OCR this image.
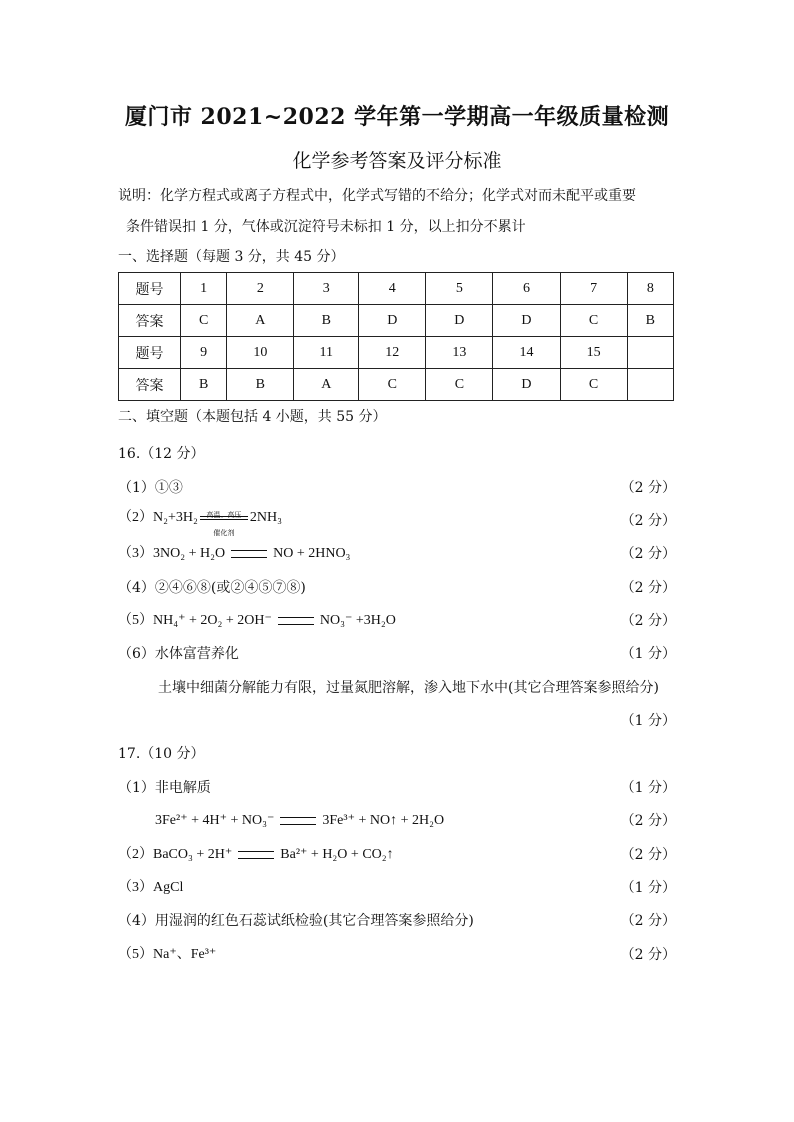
厦门市 2021~2022 学年第一学期高一年级质量检测
化学参考答案及评分标准
说明：化学方程式或离子方程式中，化学式写错的不给分；化学式对而未配平或重要
条件错误扣 1 分，气体或沉淀符号未标扣 1 分，以上扣分不累计
一、选择题（每题 3 分，共 45 分）
题号	1	2	3	4	5	6	7	8
答案	C	A	B	D	D	D	C	B
题号	9	10	11	12	13	14	15	
答案	B	B	A	C	C	D	C	
二、填空题（本题包括 4 小题，共 55 分）
16.（12 分）
（1）①③	（2 分）
（2）N₂+3H₂	高温、高压
催化剂
2NH₃	（2 分）
（3）3NO₂ + H₂O	NO + 2HNO₃	（2 分）
（4）②④⑥⑧(或②④⑤⑦⑧)	（2 分）
（5）NH₄⁺ + 2O₂ + 2OH⁻	NO₃⁻ +3H₂O	（2 分）
（6）水体富营养化	（1 分）
土壤中细菌分解能力有限，过量氮肥溶解，渗入地下水中(其它合理答案参照给分)
（1 分）
17.（10 分）
（1）非电解质	（1 分）
3Fe²⁺ + 4H⁺ + NO₃⁻	3Fe³⁺ + NO↑ + 2H₂O	（2 分）
（2）BaCO₃ + 2H⁺	Ba²⁺ + H₂O + CO₂↑	（2 分）
（3）AgCl	（1 分）
（4）用湿润的红色石蕊试纸检验(其它合理答案参照给分)	（2 分）
（5）Na⁺、Fe³⁺	（2 分）
